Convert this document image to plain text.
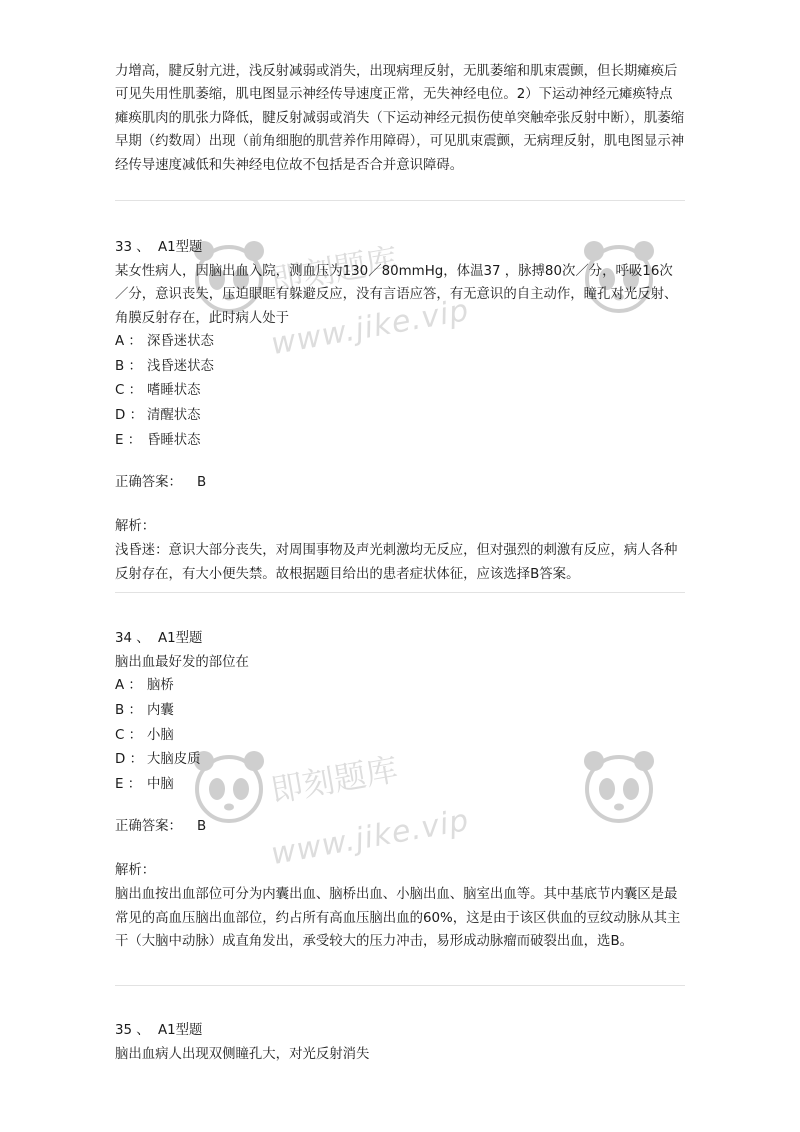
即刻题库
www.jike.vip
即刻题库
www.jike.vip

力增高，腱反射亢进，浅反射减弱或消失，出现病理反射，无肌萎缩和肌束震颤，但长期瘫痪后可见失用性肌萎缩，肌电图显示神经传导速度正常，无失神经电位。2）下运动神经元瘫痪特点 瘫痪肌肉的肌张力降低，腱反射减弱或消失（下运动神经元损伤使单突触牵张反射中断），肌萎缩早期（约数周）出现（前角细胞的肌营养作用障碍），可见肌束震颤，无病理反射，肌电图显示神经传导速度减低和失神经电位故不包括是否合并意识障碍。

33 、 A1型题

某女性病人，因脑出血入院，测血压为130／80mmHg，体温37 ，脉搏80次／分，呼吸16次／分，意识丧失，压迫眼眶有躲避反应，没有言语应答，有无意识的自主动作，瞳孔对光反射、角膜反射存在，此时病人处于

A ： 深昏迷状态

B ： 浅昏迷状态

C ： 嗜睡状态

D ： 清醒状态

E ： 昏睡状态

正确答案： B
解析：

浅昏迷：意识大部分丧失，对周围事物及声光刺激均无反应，但对强烈的刺激有反应，病人各种反射存在，有大小便失禁。故根据题目给出的患者症状体征，应该选择B答案。

34 、 A1型题

脑出血最好发的部位在

A ： 脑桥

B ： 内囊

C ： 小脑

D ： 大脑皮质

E ： 中脑

正确答案： B
解析：

脑出血按出血部位可分为内囊出血、脑桥出血、小脑出血、脑室出血等。其中基底节内囊区是最常见的高血压脑出血部位，约占所有高血压脑出血的60%，这是由于该区供血的豆纹动脉从其主干（大脑中动脉）成直角发出，承受较大的压力冲击，易形成动脉瘤而破裂出血，选B。

35 、 A1型题

脑出血病人出现双侧瞳孔大，对光反射消失
